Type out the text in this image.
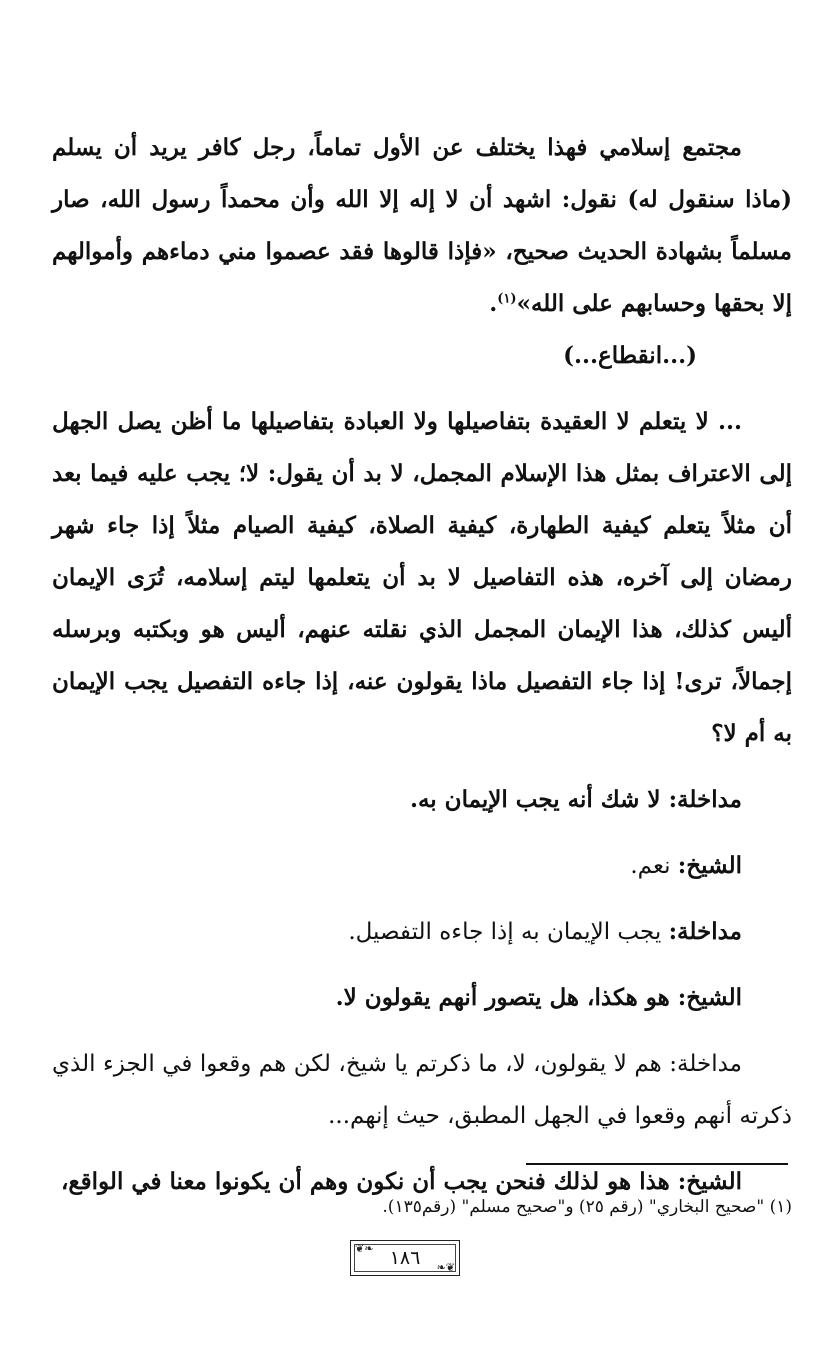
مجتمع إسلامي فهذا يختلف عن الأول تماماً، رجل كافر يريد أن يسلم (ماذا سنقول له) نقول: اشهد أن لا إله إلا الله وأن محمداً رسول الله، صار مسلماً بشهادة الحديث صحيح، «فإذا قالوها فقد عصموا مني دماءهم وأموالهم إلا بحقها وحسابهم على الله»$^{(١)}$.

(...انقطاع...)

... لا يتعلم لا العقيدة بتفاصيلها ولا العبادة بتفاصيلها ما أظن يصل الجهل إلى الاعتراف بمثل هذا الإسلام المجمل، لا بد أن يقول: لا؛ يجب عليه فيما بعد أن مثلاً يتعلم كيفية الطهارة، كيفية الصلاة، كيفية الصيام مثلاً إذا جاء شهر رمضان إلى آخره، هذه التفاصيل لا بد أن يتعلمها ليتم إسلامه، تُرَى الإيمان أليس كذلك، هذا الإيمان المجمل الذي نقلته عنهم، أليس هو وبكتبه وبرسله إجمالاً، ترى! إذا جاء التفصيل ماذا يقولون عنه، إذا جاءه التفصيل يجب الإيمان به أم لا؟

مداخلة: لا شك أنه يجب الإيمان به.

الشيخ: نعم.

مداخلة: يجب الإيمان به إذا جاءه التفصيل.

الشيخ: هو هكذا، هل يتصور أنهم يقولون لا.

مداخلة: هم لا يقولون، لا، ما ذكرتم يا شيخ، لكن هم وقعوا في الجزء الذي ذكرته أنهم وقعوا في الجهل المطبق، حيث إنهم...

الشيخ: هذا هو لذلك فنحن يجب أن نكون وهم أن يكونوا معنا في الواقع،

(١) "صحيح البخاري" (رقم ٢٥) و"صحيح مسلم" (رقم١٣٥).
❦❧
❧❦
١٨٦
